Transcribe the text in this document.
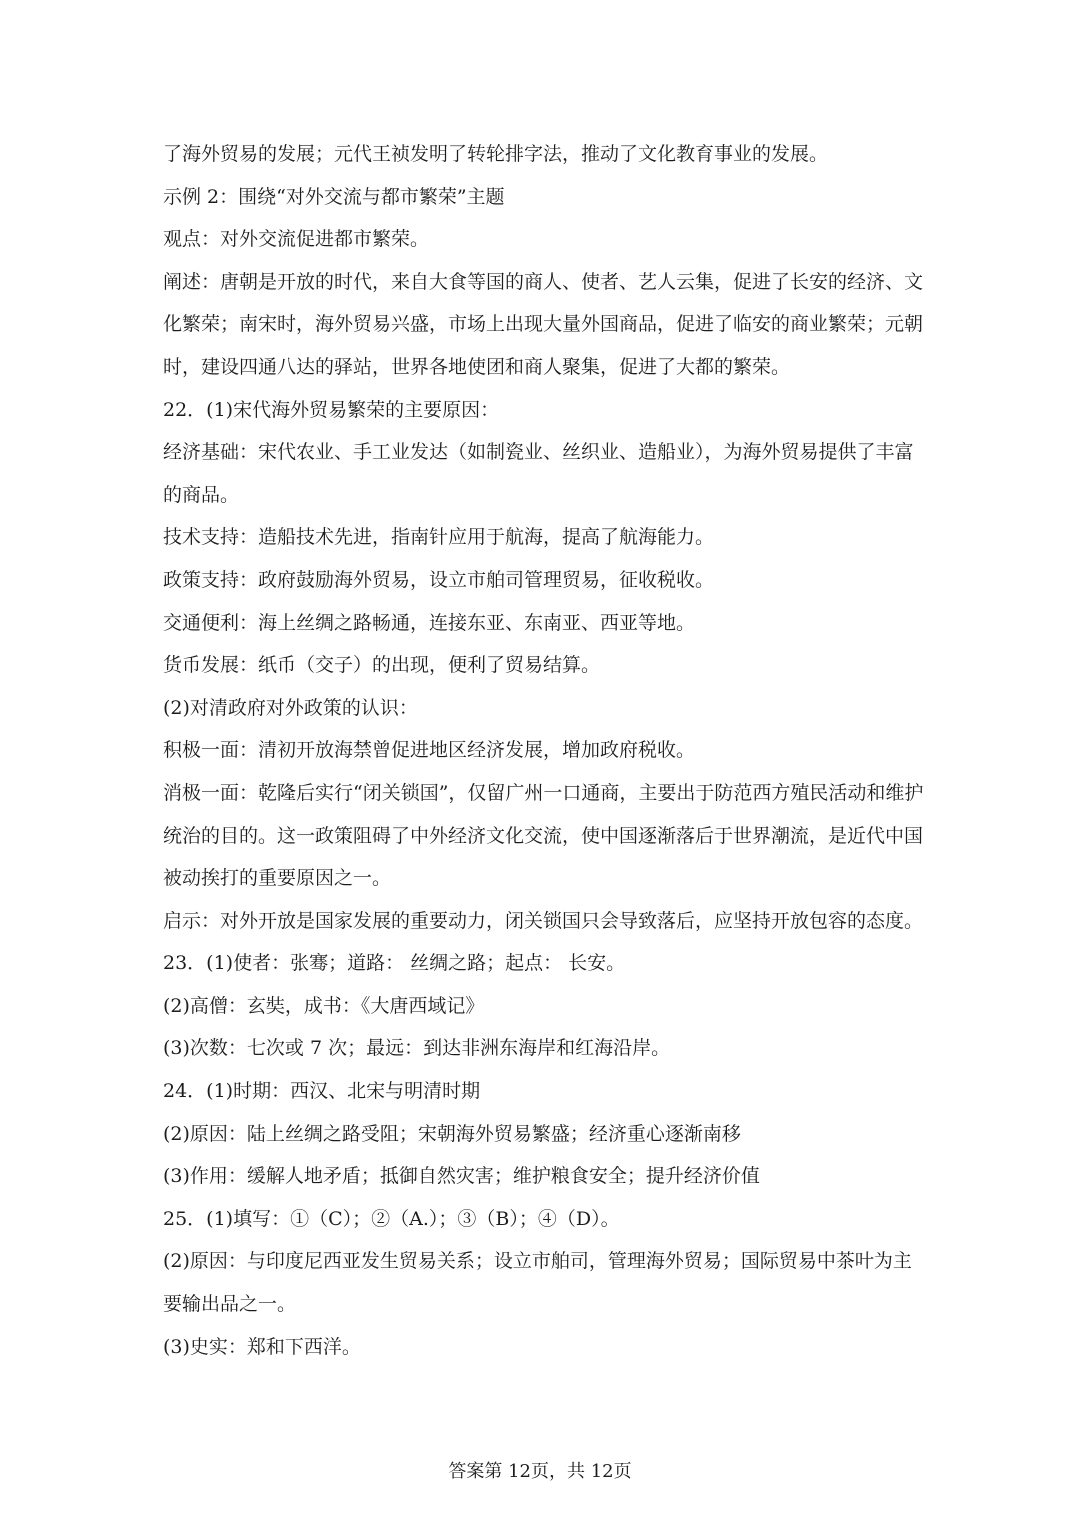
了海外贸易的发展；元代王祯发明了转轮排字法，推动了文化教育事业的发展。
示例 2：围绕“对外交流与都市繁荣”主题
观点：对外交流促进都市繁荣。
阐述：唐朝是开放的时代，来自大食等国的商人、使者、艺人云集，促进了长安的经济、文
化繁荣；南宋时，海外贸易兴盛，市场上出现大量外国商品，促进了临安的商业繁荣；元朝
时，建设四通八达的驿站，世界各地使团和商人聚集，促进了大都的繁荣。
22．(1)宋代海外贸易繁荣的主要原因：
经济基础：宋代农业、手工业发达（如制瓷业、丝织业、造船业），为海外贸易提供了丰富
的商品。
技术支持：造船技术先进，指南针应用于航海，提高了航海能力。
政策支持：政府鼓励海外贸易，设立市舶司管理贸易，征收税收。
交通便利：海上丝绸之路畅通，连接东亚、东南亚、西亚等地。
货币发展：纸币（交子）的出现，便利了贸易结算。
(2)对清政府对外政策的认识：
积极一面：清初开放海禁曾促进地区经济发展，增加政府税收。
消极一面：乾隆后实行“闭关锁国”，仅留广州一口通商，主要出于防范西方殖民活动和维护
统治的目的。这一政策阻碍了中外经济文化交流，使中国逐渐落后于世界潮流，是近代中国
被动挨打的重要原因之一。
启示：对外开放是国家发展的重要动力，闭关锁国只会导致落后，应坚持开放包容的态度。
23．(1)使者：张骞；道路： 丝绸之路；起点： 长安。
(2)高僧：玄奘，成书：《大唐西域记》
(3)次数：七次或 7 次；最远：到达非洲东海岸和红海沿岸。
24．(1)时期：西汉、北宋与明清时期
(2)原因：陆上丝绸之路受阻；宋朝海外贸易繁盛；经济重心逐渐南移
(3)作用：缓解人地矛盾；抵御自然灾害；维护粮食安全；提升经济价值
25．(1)填写：①（C）；②（A.）；③（B）；④（D）。
(2)原因：与印度尼西亚发生贸易关系；设立市舶司，管理海外贸易；国际贸易中茶叶为主
要输出品之一。
(3)史实：郑和下西洋。
答案第 12页，共 12页
